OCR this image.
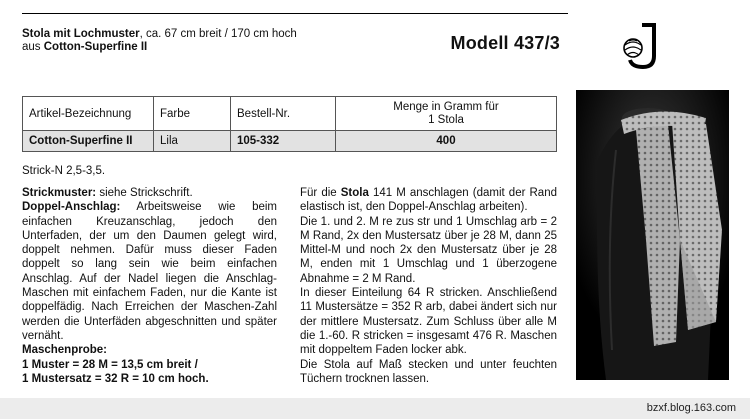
Stola mit Lochmuster, ca. 67 cm breit / 170 cm hoch
aus Cotton-Superfine II	Modell 437/3
Artikel-Bezeichnung	Farbe	Bestell-Nr.	Menge in Gramm für
1 Stola
Cotton-Superfine II	Lila	105-332	400
Strick-N 2,5-3,5.

Strickmuster: siehe Strickschrift.

Doppel-Anschlag: Arbeitsweise wie beim einfachen Kreuzanschlag, jedoch den Unterfaden, der um den Daumen gelegt wird, doppelt nehmen. Dafür muss dieser Faden doppelt so lang sein wie beim einfachen Anschlag. Auf der Nadel liegen die Anschlag-Maschen mit einfachem Faden, nur die Kante ist doppelfädig. Nach Erreichen der Maschen-Zahl werden die Unterfäden abgeschnitten und später vernäht.

Maschenprobe:

1 Muster = 28 M = 13,5 cm breit /

1 Mustersatz = 32 R = 10 cm hoch.

Für die Stola 141 M anschlagen (damit der Rand elastisch ist, den Doppel-Anschlag arbeiten).

Die 1. und 2. M re zus str und 1 Umschlag arb = 2 M Rand, 2x den Mustersatz über je 28 M, dann 25 Mittel-M und noch 2x den Mustersatz über je 28 M, enden mit 1 Umschlag und 1 überzogene Abnahme = 2 M Rand.

In dieser Einteilung 64 R stricken. Anschließend 11 Mustersätze = 352 R arb, dabei ändert sich nur der mittlere Mustersatz. Zum Schluss über alle M die 1.-60. R stricken = insgesamt 476 R. Maschen mit doppeltem Faden locker abk.

Die Stola auf Maß stecken und unter feuchten Tüchern trocknen lassen.

bzxf.blog.163.com
